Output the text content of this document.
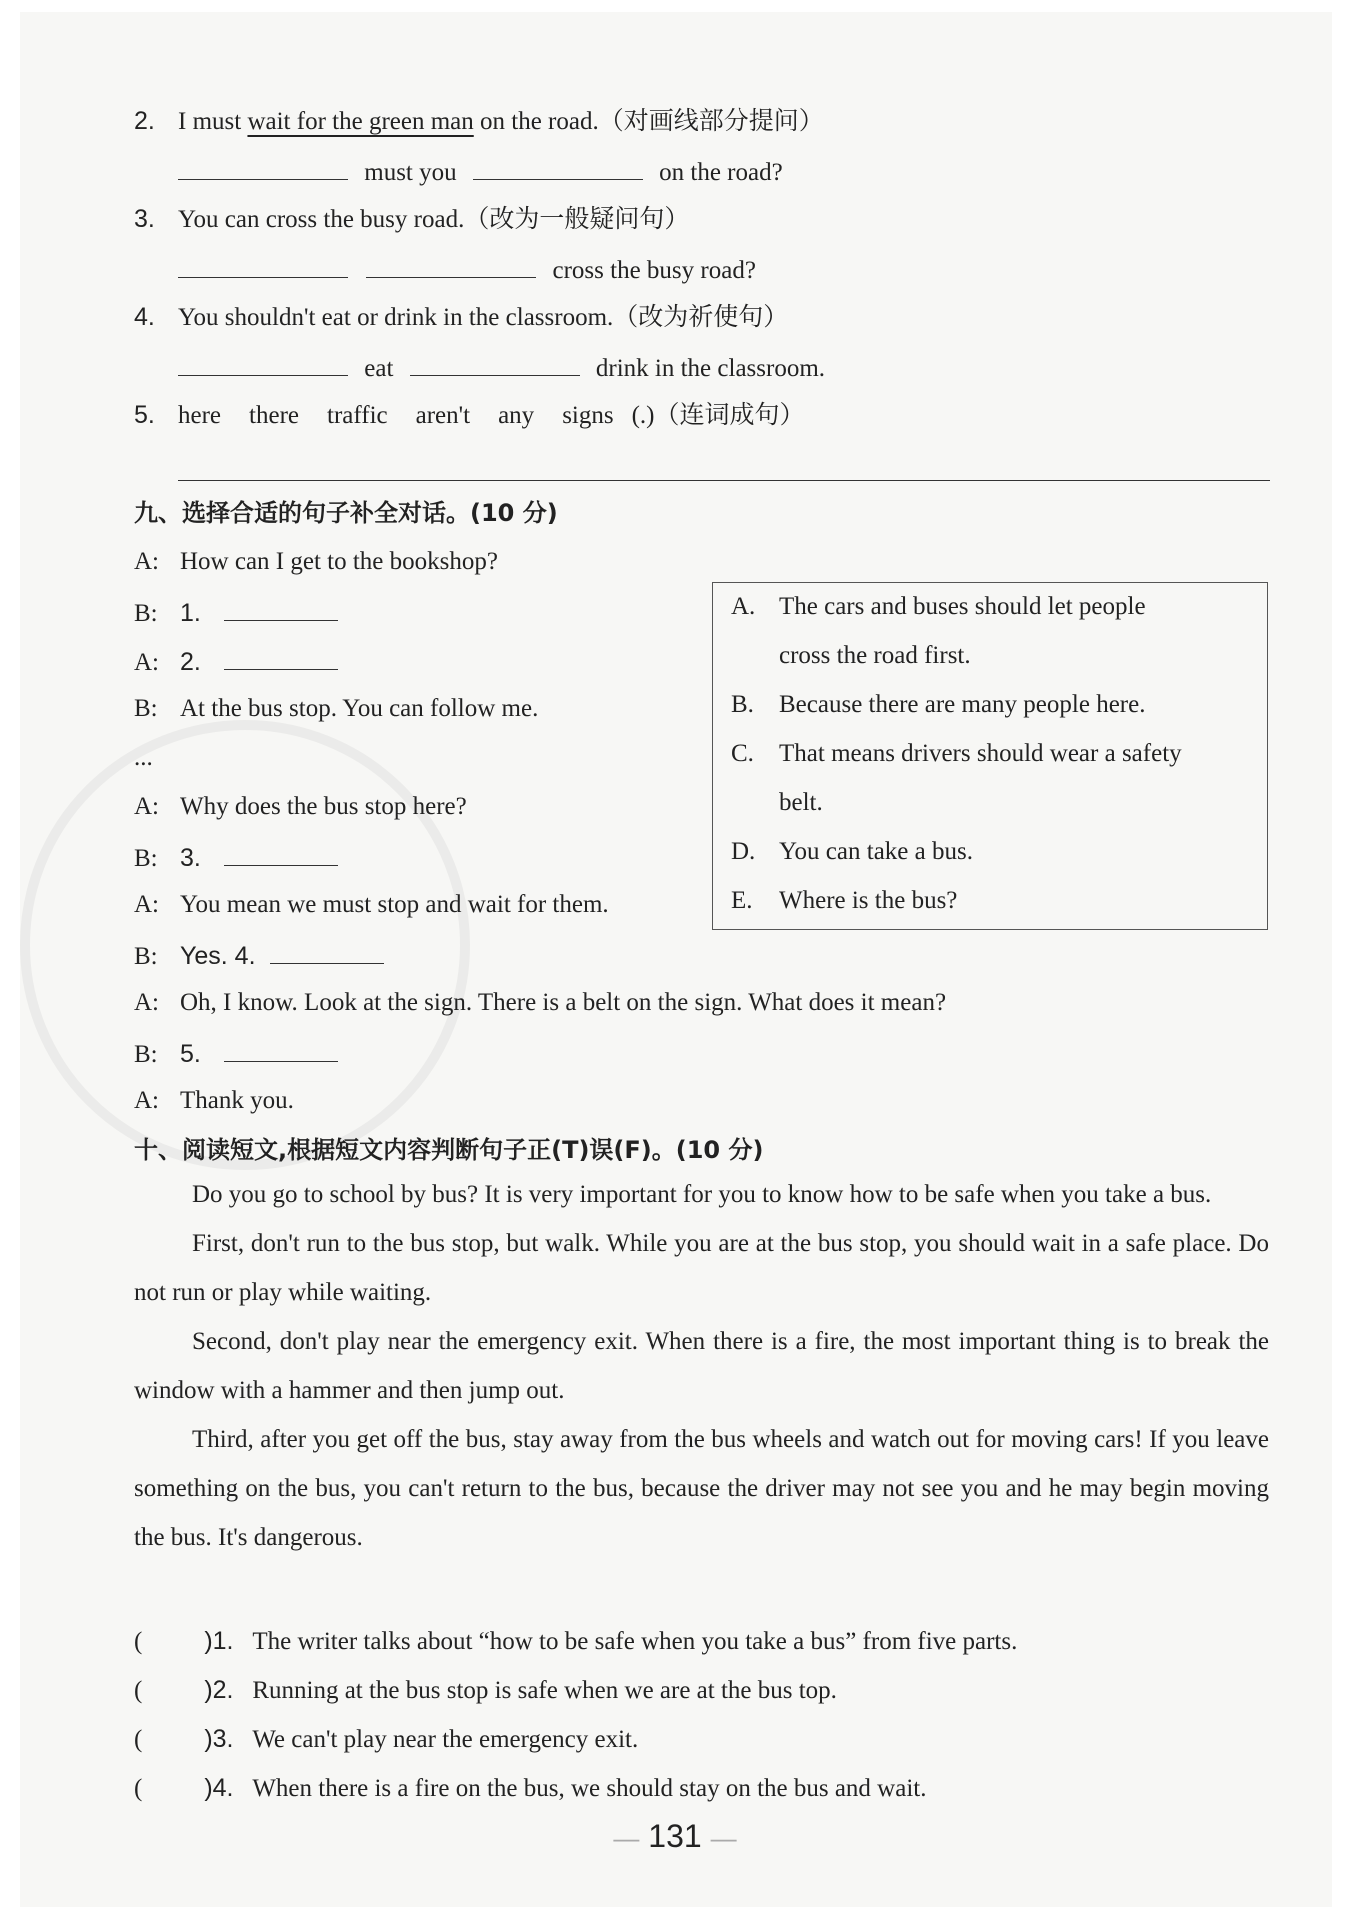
2. I must wait for the green man on the road.（对画线部分提问）
must you	on the road?
3. You can cross the busy road.（改为一般疑问句）
cross the busy road?
4. You shouldn't eat or drink in the classroom.（改为祈使句）
eat	drink in the classroom.
5. here there traffic aren't any signs (.)（连词成句）
九、选择合适的句子补全对话。(10 分)
A: How can I get to the bookshop?
B: 1.
A: 2.
B: At the bus stop. You can follow me.
...
A: Why does the bus stop here?
B: 3.
A: You mean we must stop and wait for them.
B: Yes. 4.
A: Oh, I know. Look at the sign. There is a belt on the sign. What does it mean?
B: 5.
A: Thank you.
A. The cars and buses should let people
cross the road first.
B. Because there are many people here.
C. That means drivers should wear a safety
belt.
D. You can take a bus.
E. Where is the bus?
十、阅读短文,根据短文内容判断句子正(T)误(F)。(10 分)

Do you go to school by bus? It is very important for you to know how to be safe when you take a bus.

First, don't run to the bus stop, but walk. While you are at the bus stop, you should wait in a safe place. Do not run or play while waiting.

Second, don't play near the emergency exit. When there is a fire, the most important thing is to break the window with a hammer and then jump out.

Third, after you get off the bus, stay away from the bus wheels and watch out for moving cars! If you leave something on the bus, you can't return to the bus, because the driver may not see you and he may begin moving the bus. It's dangerous.

( )1. The writer talks about “how to be safe when you take a bus” from five parts.
( )2. Running at the bus stop is safe when we are at the bus top.
( )3. We can't play near the emergency exit.
( )4. When there is a fire on the bus, we should stay on the bus and wait.
— 131 —
